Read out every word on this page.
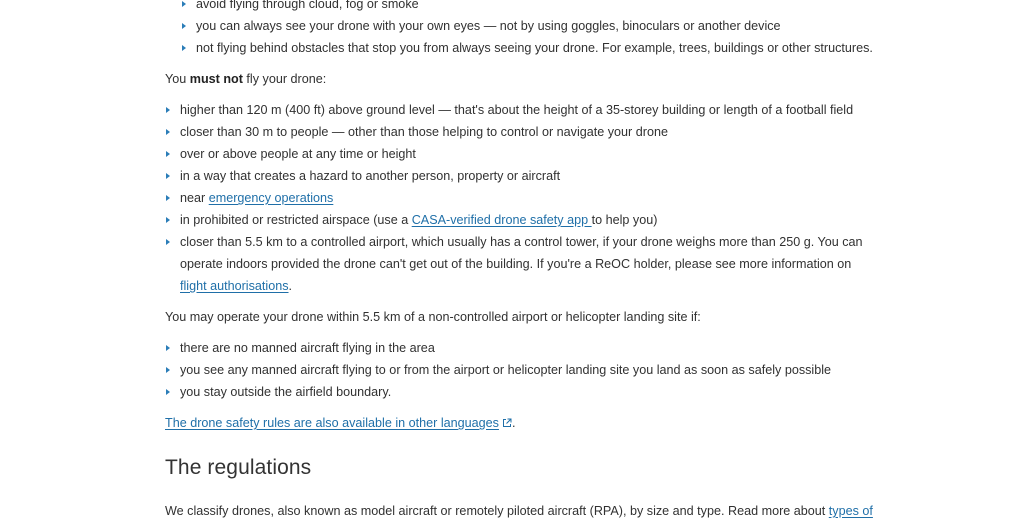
avoid flying through cloud, fog or smoke
you can always see your drone with your own eyes — not by using goggles, binoculars or another device
not flying behind obstacles that stop you from always seeing your drone. For example, trees, buildings or other structures.

You must not fly your drone:

higher than 120 m (400 ft) above ground level — that's about the height of a 35-storey building or length of a football field
closer than 30 m to people — other than those helping to control or navigate your drone
over or above people at any time or height
in a way that creates a hazard to another person, property or aircraft
near emergency operations
in prohibited or restricted airspace (use a CASA-verified drone safety app to help you)
closer than 5.5 km to a controlled airport, which usually has a control tower, if your drone weighs more than 250 g. You can
operate indoors provided the drone can't get out of the building. If you're a ReOC holder, please see more information on
flight authorisations.

You may operate your drone within 5.5 km of a non-controlled airport or helicopter landing site if:

there are no manned aircraft flying in the area
you see any manned aircraft flying to or from the airport or helicopter landing site you land as soon as safely possible
you stay outside the airfield boundary.

The drone safety rules are also available in other languages .

The regulations

We classify drones, also known as model aircraft or remotely piloted aircraft (RPA), by size and type. Read more about types of
